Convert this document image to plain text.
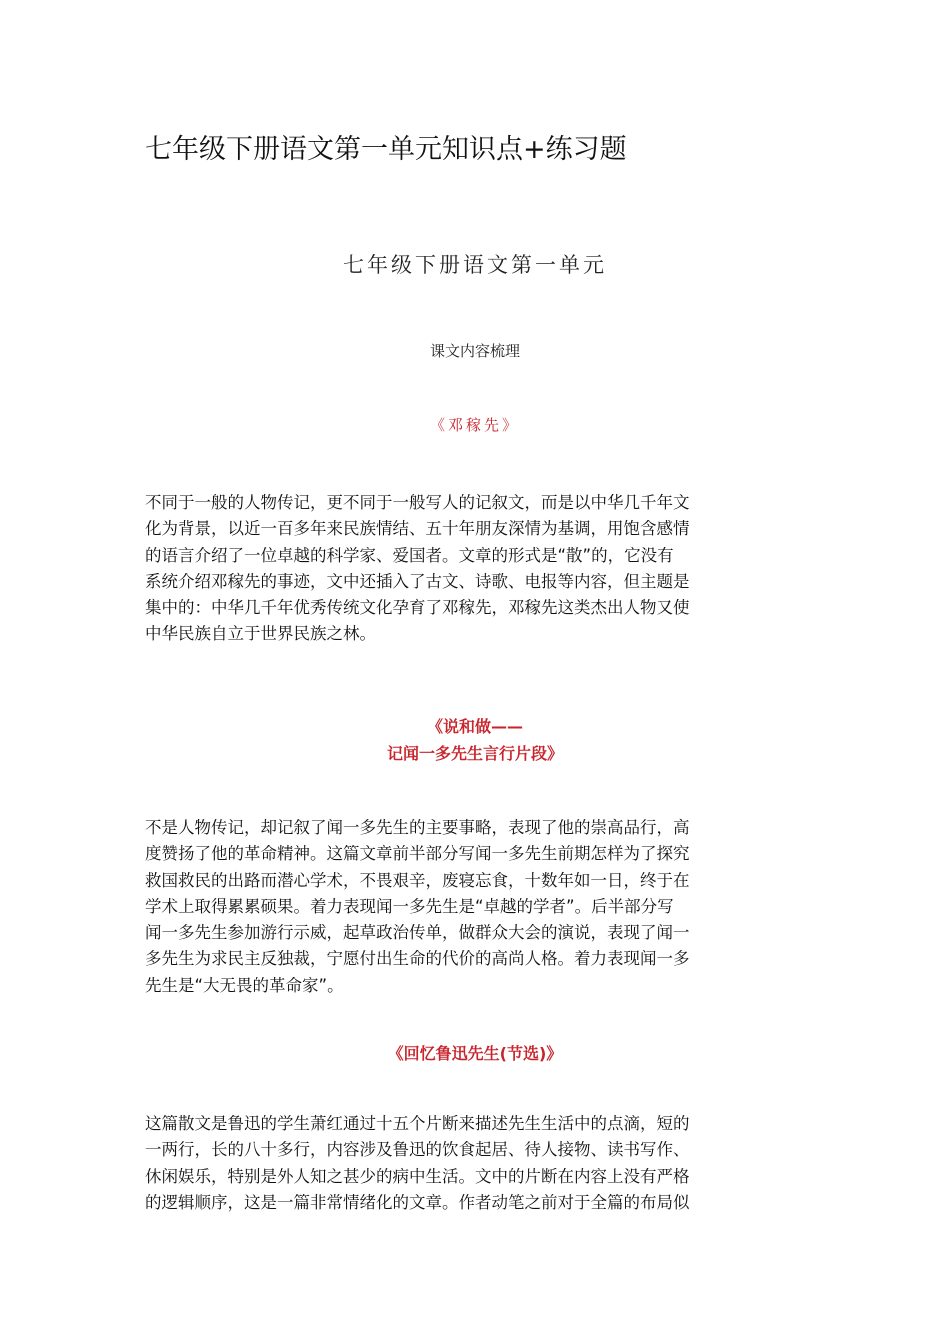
七年级下册语文第一单元知识点+练习题
七年级下册语文第一单元
课文内容梳理
《邓稼先》
不同于一般的人物传记，更不同于一般写人的记叙文，而是以中华几千年文
化为背景，以近一百多年来民族情结、五十年朋友深情为基调，用饱含感情
的语言介绍了一位卓越的科学家、爱国者。文章的形式是“散”的，它没有
系统介绍邓稼先的事迹，文中还插入了古文、诗歌、电报等内容，但主题是
集中的：中华几千年优秀传统文化孕育了邓稼先，邓稼先这类杰出人物又使
中华民族自立于世界民族之林。
《说和做——
记闻一多先生言行片段》
不是人物传记，却记叙了闻一多先生的主要事略，表现了他的崇高品行，高
度赞扬了他的革命精神。这篇文章前半部分写闻一多先生前期怎样为了探究
救国救民的出路而潜心学术，不畏艰辛，废寝忘食，十数年如一日，终于在
学术上取得累累硕果。着力表现闻一多先生是“卓越的学者”。后半部分写
闻一多先生参加游行示威，起草政治传单，做群众大会的演说，表现了闻一
多先生为求民主反独裁，宁愿付出生命的代价的高尚人格。着力表现闻一多
先生是“大无畏的革命家”。
《回忆鲁迅先生(节选)》
这篇散文是鲁迅的学生萧红通过十五个片断来描述先生生活中的点滴，短的
一两行，长的八十多行，内容涉及鲁迅的饮食起居、待人接物、读书写作、
休闲娱乐，特别是外人知之甚少的病中生活。文中的片断在内容上没有严格
的逻辑顺序，这是一篇非常情绪化的文章。作者动笔之前对于全篇的布局似
